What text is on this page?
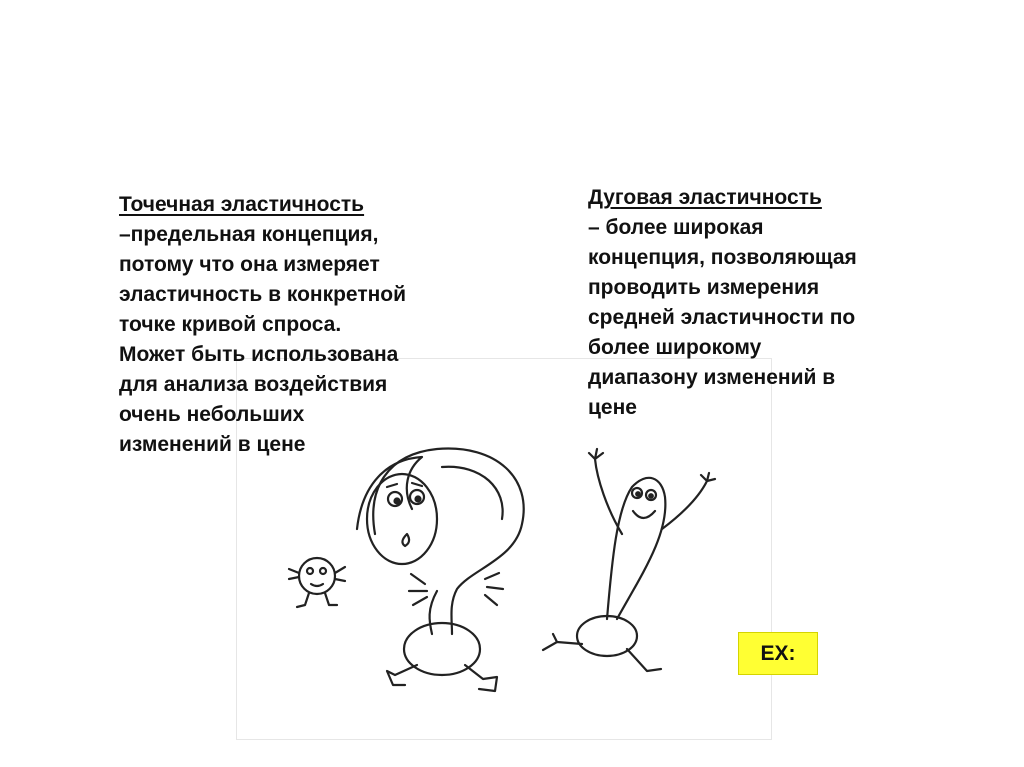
Точечная эластичность
–предельная концепция,
потому что она измеряет
эластичность в конкретной
точке кривой спроса.
Может быть использована
для анализа воздействия
очень небольших
изменений в цене
Дуговая эластичность
– более широкая
концепция, позволяющая
проводить измерения
средней эластичности по
более широкому
диапазону изменений в
цене
EX:
